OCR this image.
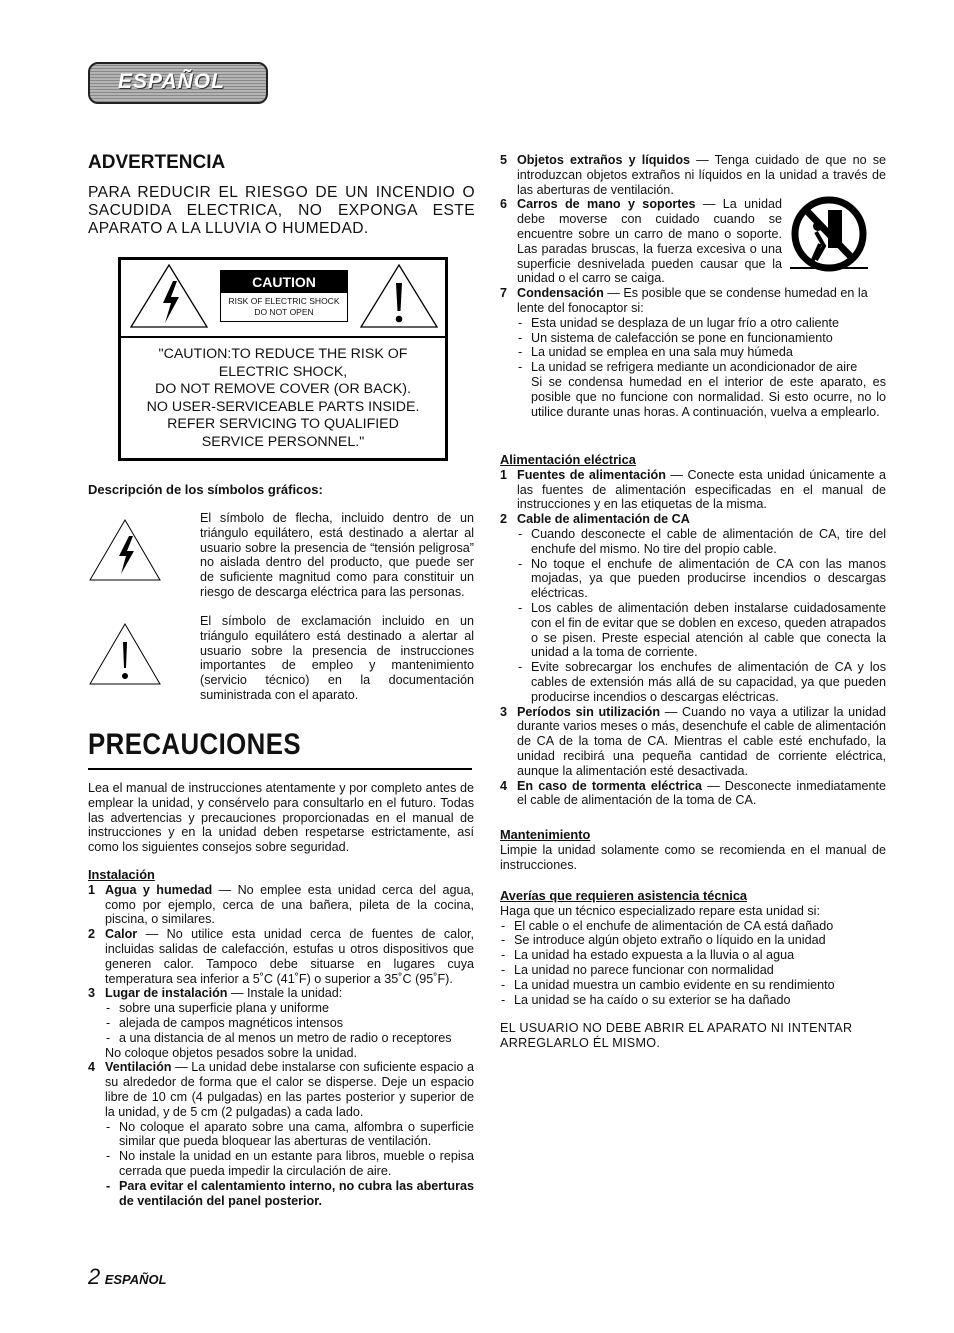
ESPAÑOL
ADVERTENCIA
PARA REDUCIR EL RIESGO DE UN INCENDIO O SACUDIDA ELECTRICA, NO EXPONGA ESTE APARATO A LA LLUVIA O HUMEDAD.
CAUTION
RISK OF ELECTRIC SHOCK
DO NOT OPEN
"CAUTION:TO REDUCE THE RISK OF
ELECTRIC SHOCK,
DO NOT REMOVE COVER (OR BACK).
NO USER-SERVICEABLE PARTS INSIDE.
REFER SERVICING TO QUALIFIED
SERVICE PERSONNEL."
Descripción de los símbolos gráficos:
El símbolo de flecha, incluido dentro de un triángulo equilátero, está destinado a alertar al usuario sobre la presencia de “tensión peligrosa” no aislada dentro del producto, que puede ser de suficiente magnitud como para constituir un riesgo de descarga eléctrica para las personas.
El símbolo de exclamación incluido en un triángulo equilátero está destinado a alertar al usuario sobre la presencia de instrucciones importantes de empleo y mantenimiento (servicio técnico) en la documentación suministrada con el aparato.
PRECAUCIONES
Lea el manual de instrucciones atentamente y por completo antes de emplear la unidad, y consérvelo para consultarlo en el futuro. Todas las advertencias y precauciones proporcionadas en el manual de instrucciones y en la unidad deben respetarse estrictamente, así como los siguientes consejos sobre seguridad.
Instalación
1 Agua y humedad — No emplee esta unidad cerca del agua, como por ejemplo, cerca de una bañera, pileta de la cocina, piscina, o similares.
2 Calor — No utilice esta unidad cerca de fuentes de calor, incluidas salidas de calefacción, estufas u otros dispositivos que generen calor. Tampoco debe situarse en lugares cuya temperatura sea inferior a 5˚C (41˚F) o superior a 35˚C (95˚F).
3 Lugar de instalación — Instale la unidad:
- sobre una superficie plana y uniforme
- alejada de campos magnéticos intensos
- a una distancia de al menos un metro de radio o receptores
No coloque objetos pesados sobre la unidad.
4 Ventilación — La unidad debe instalarse con suficiente espacio a su alrededor de forma que el calor se disperse. Deje un espacio libre de 10 cm (4 pulgadas) en las partes posterior y superior de la unidad, y de 5 cm (2 pulgadas) a cada lado.
- No coloque el aparato sobre una cama, alfombra o superficie similar que pueda bloquear las aberturas de ventilación.
- No instale la unidad en un estante para libros, mueble o repisa cerrada que pueda impedir la circulación de aire.
- Para evitar el calentamiento interno, no cubra las aberturas de ventilación del panel posterior.
5 Objetos extraños y líquidos — Tenga cuidado de que no se introduzcan objetos extraños ni líquidos en la unidad a través de las aberturas de ventilación.
6 Carros de mano y soportes — La unidad debe moverse con cuidado cuando se encuentre sobre un carro de mano o soporte. Las paradas bruscas, la fuerza excesiva o una superficie desnivelada pueden causar que la unidad o el carro se caiga.
7 Condensación — Es posible que se condense humedad en la lente del fonocaptor si:
- Esta unidad se desplaza de un lugar frío a otro caliente
- Un sistema de calefacción se pone en funcionamiento
- La unidad se emplea en una sala muy húmeda
- La unidad se refrigera mediante un acondicionador de aire
Si se condensa humedad en el interior de este aparato, es posible que no funcione con normalidad. Si esto ocurre, no lo utilice durante unas horas. A continuación, vuelva a emplearlo.
Alimentación eléctrica
1 Fuentes de alimentación — Conecte esta unidad únicamente a las fuentes de alimentación especificadas en el manual de instrucciones y en las etiquetas de la misma.
2 Cable de alimentación de CA
- Cuando desconecte el cable de alimentación de CA, tire del enchufe del mismo. No tire del propio cable.
- No toque el enchufe de alimentación de CA con las manos mojadas, ya que pueden producirse incendios o descargas eléctricas.
- Los cables de alimentación deben instalarse cuidadosamente con el fin de evitar que se doblen en exceso, queden atrapados o se pisen. Preste especial atención al cable que conecta la unidad a la toma de corriente.
- Evite sobrecargar los enchufes de alimentación de CA y los cables de extensión más allá de su capacidad, ya que pueden producirse incendios o descargas eléctricas.
3 Períodos sin utilización — Cuando no vaya a utilizar la unidad durante varios meses o más, desenchufe el cable de alimentación de CA de la toma de CA. Mientras el cable esté enchufado, la unidad recibirá una pequeña cantidad de corriente eléctrica, aunque la alimentación esté desactivada.
4 En caso de tormenta eléctrica — Desconecte inmediatamente el cable de alimentación de la toma de CA.
Mantenimiento
Limpie la unidad solamente como se recomienda en el manual de instrucciones.
Averías que requieren asistencia técnica
Haga que un técnico especializado repare esta unidad si:
- El cable o el enchufe de alimentación de CA está dañado
- Se introduce algún objeto extraño o líquido en la unidad
- La unidad ha estado expuesta a la lluvia o al agua
- La unidad no parece funcionar con normalidad
- La unidad muestra un cambio evidente en su rendimiento
- La unidad se ha caído o su exterior se ha dañado
EL USUARIO NO DEBE ABRIR EL APARATO NI INTENTAR ARREGLARLO ÉL MISMO.
2 ESPAÑOL
